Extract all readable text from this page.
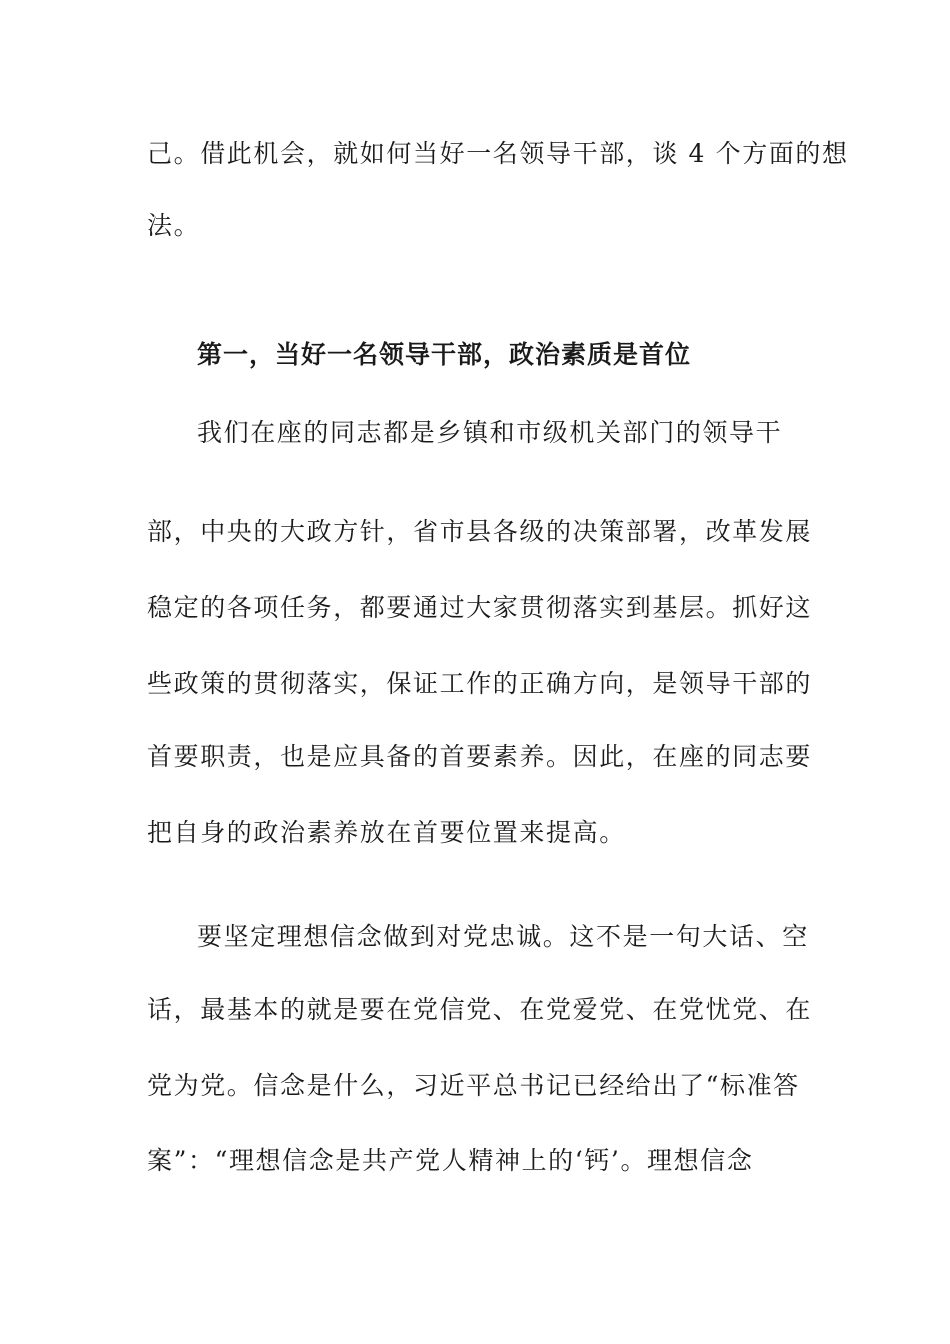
己。借此机会，就如何当好一名领导干部，谈 4 个方面的想
法。
第一，当好一名领导干部，政治素质是首位
我们在座的同志都是乡镇和市级机关部门的领导干
部，中央的大政方针，省市县各级的决策部署，改革发展
稳定的各项任务，都要通过大家贯彻落实到基层。抓好这
些政策的贯彻落实，保证工作的正确方向，是领导干部的
首要职责，也是应具备的首要素养。因此，在座的同志要
把自身的政治素养放在首要位置来提高。
要坚定理想信念做到对党忠诚。这不是一句大话、空
话，最基本的就是要在党信党、在党爱党、在党忧党、在
党为党。信念是什么，习近平总书记已经给出了“标准答
案”：“理想信念是共产党人精神上的‘钙’。理想信念
